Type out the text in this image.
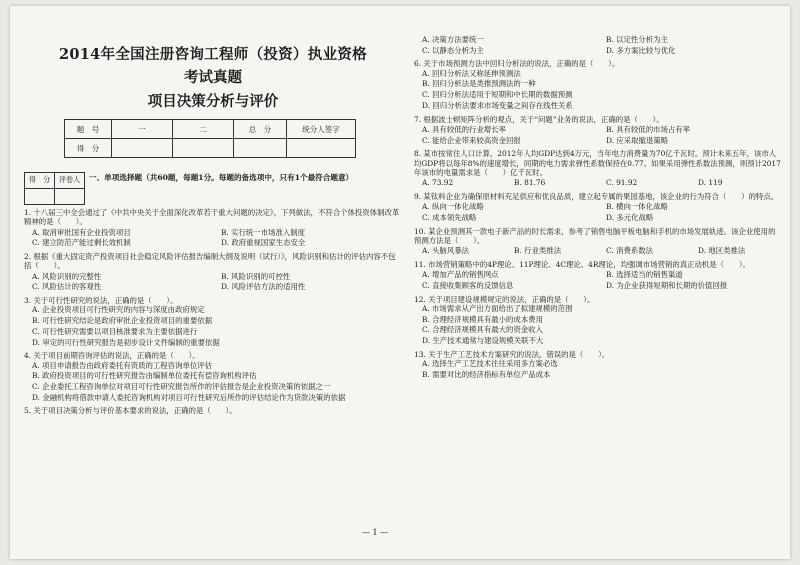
2014年全国注册咨询工程师（投资）执业资格
考试真题
项目决策分析与评价
题　号	一	二	总　分	统分人签字
得　分				
得　分	评卷人
	一、单项选择题（共60题，每题1分。每题的备选项中，只有1个最符合题意）

1. 十八届三中全会通过了《中共中央关于全面深化改革若干重大问题的决定》，下列做法，不符合个体投资体制改革精神的是（　　）。

A. 取消审批国有企业投资项目	B. 实行统一市场准入制度
C. 建立防范产能过剩长效机制	D. 政府重视国家生态安全

2. 根据《重大固定资产投资项目社会稳定风险评估报告编制大纲及说明（试行）》，风险识别和估计的评估内容不包括（　　）。

A. 风险识别的完整性	B. 风险识别的可控性
C. 风险估计的客观性	D. 风险评估方法的适用性

3. 关于可行性研究的说法，正确的是（　　）。

A. 企业投资项目可行性研究的内容与深度由政府规定
B. 可行性研究结论是政府审批企业投资项目的重要依据
C. 可行性研究需要以项目核准要求为主要依据进行
D. 审定的可行性研究报告是初步设计文件编制的重要依据

4. 关于项目前期咨询评估的说法，正确的是（　　）。

A. 项目申请报告由政府委托有资质的工程咨询单位评估
B. 政府投资项目的可行性研究报告由编制单位委托有偿咨询机构评估
C. 企业委托工程咨询单位对项目可行性研究报告所作的评估报告是企业投资决策的依据之一
D. 金融机构将借款申请人委托咨询机构对项目可行性研究后所作的评估结论作为贷款决策的依据

5. 关于项目决策分析与评价基本要求的说法，正确的是（　　）。

A. 决策方法要统一	B. 以定性分析为主
C. 以静态分析为主	D. 多方案比较与优化

6. 关于市场预测方法中回归分析法的说法，正确的是（　　）。

A. 回归分析法又称延伸预测法
B. 回归分析法是类推预测法的一种
C. 回归分析法适用于短期和中长期的数据预测
D. 回归分析法要求市场变量之间存在线性关系

7. 根据波士顿矩阵分析的观点，关于“问题”业务的说法，正确的是（　　）。

A. 具有较低的行业增长率	B. 具有较低的市场占有率
C. 能给企业带来较高资金回报	D. 应采取撤退策略

8. 某市按常住人口计算，2012年人均GDP达到4万元，当年电力消费量为70亿千瓦时。预计未来五年，该市人均GDP将以每年8%的速度增长，同期的电力需求弹性系数保持在0.77。如果采用弹性系数法预测，则预计2017年该市的电量需求是（　　）亿千瓦时。

A. 73.92	B. 81.76	C. 91.92	D. 119

9. 某钛料企业为确保原材料充足供应和优良品质，建立起专属的果园基地，该企业的行为符合（　　）的特点。

A. 纵向一体化战略	B. 横向一体化战略
C. 成本领先战略	D. 多元化战略

10. 某企业预测其一款电子新产品的时长需求，参考了销售电脑平板电脑和手机的市场发展轨迹。该企业使用的预测方法是（　　）。

A. 头脑风暴法	B. 行业类推法	C. 消费系数法	D. 地区类推法

11. 市场营销策略中的4P理论、11P理论、4C理论、4R理论，均强调市场营销的真正动机是（　　）。

A. 增加产品的销售网点	B. 选择适当的销售渠道
C. 直接收集顾客的反馈信息	D. 为企业获得短期和长期的价值回报

12. 关于项目建设规模规定的说法，正确的是（　　）。

A. 市场需求从产出方面给出了拟建规模的范围
B. 合理经济规模具有最小的成本费用
C. 合理经济规模具有最大的资金收入
D. 生产技术通常与建设规模关联不大

13. 关于生产工艺技术方案研究的说法，错误的是（　　）。

A. 选择生产工艺技术往往采用多方案必选
B. 需要对比的经济指标有单位产品成本
— 1 —
